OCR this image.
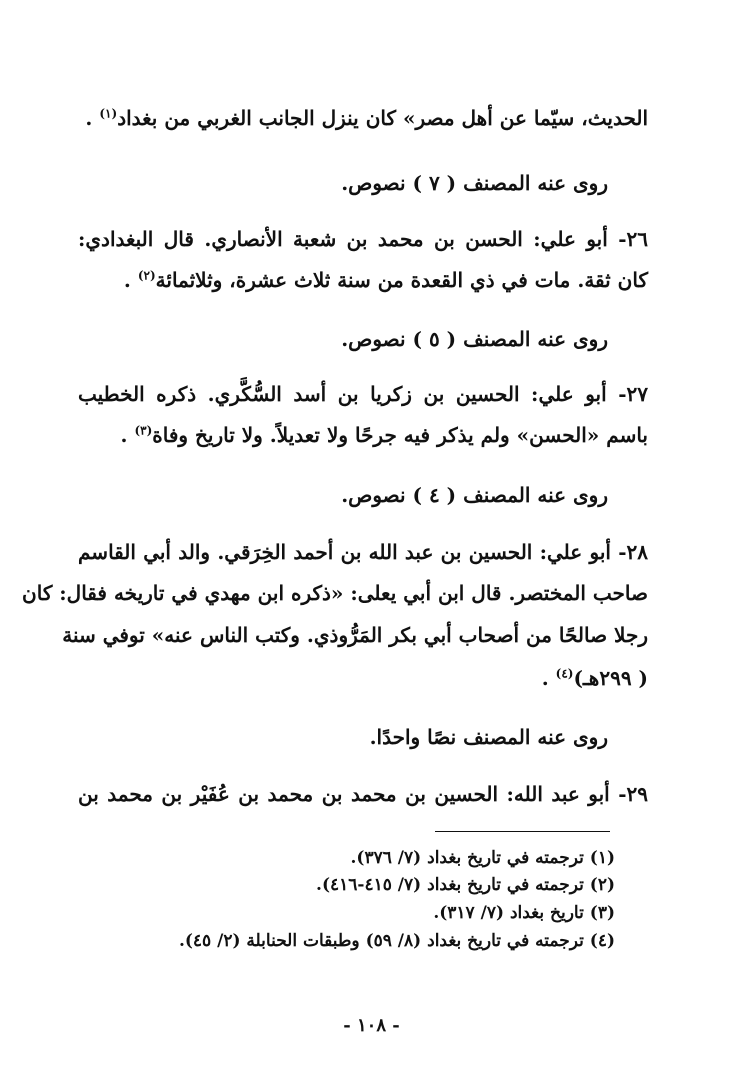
الحديث، سيّما عن أهل مصر» كان ينزل الجانب الغربي من بغداد$^{(١)}$ .
روى عنه المصنف ( ٧ ) نصوص.
٢٦- أبو علي: الحسن بن محمد بن شعبة الأنصاري. قال البغدادي:
كان ثقة. مات في ذي القعدة من سنة ثلاث عشرة، وثلاثمائة$^{(٢)}$ .
روى عنه المصنف ( ٥ ) نصوص.
٢٧- أبو علي: الحسين بن زكريا بن أسد السُّكَّري. ذكره الخطيب
باسم «الحسن» ولم يذكر فيه جرحًا ولا تعديلاً. ولا تاريخ وفاة$^{(٣)}$ .
روى عنه المصنف ( ٤ ) نصوص.
٢٨- أبو علي: الحسين بن عبد الله بن أحمد الخِرَقي. والد أبي القاسم
صاحب المختصر. قال ابن أبي يعلى: «ذكره ابن مهدي في تاريخه فقال: كان
رجلا صالحًا من أصحاب أبي بكر المَرُّوذي. وكتب الناس عنه» توفي سنة
( ٢٩٩هـ)$^{(٤)}$ .
روى عنه المصنف نصًا واحدًا.
٢٩- أبو عبد الله: الحسين بن محمد بن محمد بن عُفَيْر بن محمد بن
(١) ترجمته في تاريخ بغداد (٧/ ٣٧٦).
(٢) ترجمته في تاريخ بغداد (٧/ ٤١٥-٤١٦).
(٣) تاريخ بغداد (٧/ ٣١٧).
(٤) ترجمته في تاريخ بغداد (٨/ ٥٩) وطبقات الحنابلة (٢/ ٤٥).
- ١٠٨ -
